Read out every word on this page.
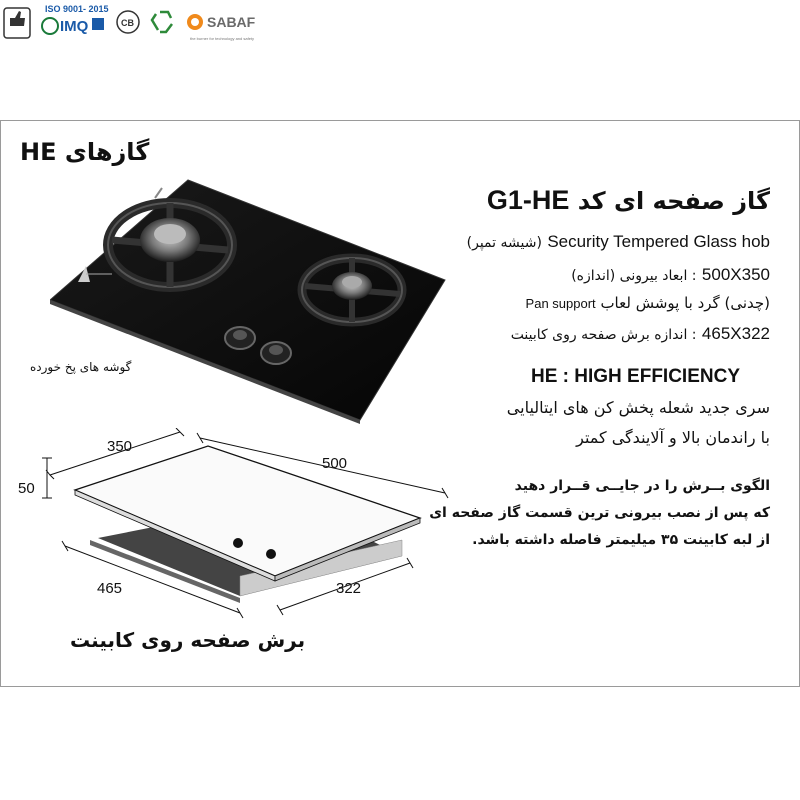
گازهای HE
G1-HE گاز صفحه ای کد
(شیشه تمپر) Security Tempered Glass hob
: ابعاد بیرونی (اندازه) 500X350
Pan support (چدنی) گرد با پوشش لعاب
: اندازه برش صفحه روی کابینت 465X322
HE : HIGH EFFICIENCY
سری جدید شعله پخش کن های ایتالیایی
با راندمان بالا و آلایندگی کمتر
الگوی بــرش را در جایــی قــرار دهید
که پس از نصب بیرونی ترین قسمت گاز صفحه ای
از لبه کابینت ۳۵ میلیمتر فاصله داشته باشد.
گوشه های پخ خورده
350
500
50
465	322
برش صفحه روی کابینت
ISO 9001- 2015
IMQ	CB	SABAF
the burner for technology and safety
